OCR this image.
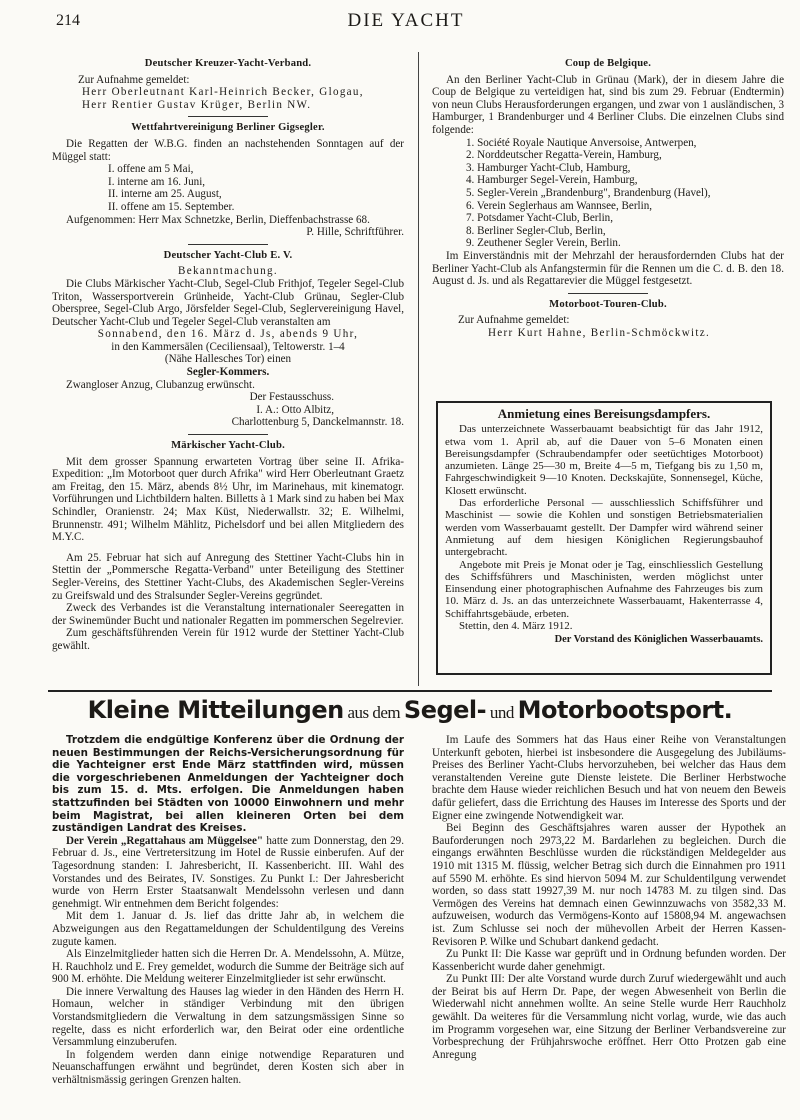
214	DIE YACHT
Deutscher Kreuzer-Yacht-Verband.

Zur Aufnahme gemeldet:

Herr Oberleutnant Karl-Heinrich Becker, Glogau,

Herr Rentier Gustav Krüger, Berlin NW.

Wettfahrtvereinigung Berliner Gigsegler.

Die Regatten der W.B.G. finden an nachstehenden Sonntagen auf der Müggel statt:

I. offene am 5 Mai,

I. interne am 16. Juni,

II. interne am 25. August,

II. offene am 15. September.

Aufgenommen: Herr Max Schnetzke, Berlin, Dieffenbachstrasse 68.

P. Hille, Schriftführer.

Deutscher Yacht-Club E. V.

Bekanntmachung.

Die Clubs Märkischer Yacht-Club, Segel-Club Frithjof, Tegeler Segel-Club Triton, Wassersportverein Grünheide, Yacht-Club Grünau, Segler-Club Oberspree, Segel-Club Argo, Jörsfelder Segel-Club, Seglervereinigung Havel, Deutscher Yacht-Club und Tegeler Segel-Club veranstalten am

Sonnabend, den 16. März d. Js, abends 9 Uhr,

in den Kammersälen (Ceciliensaal), Teltowerstr. 1–4

(Nähe Hallesches Tor) einen

Segler-Kommers.

Zwangloser Anzug, Clubanzug erwünscht.

Der Festausschuss.

I. A.: Otto Albitz,

Charlottenburg 5, Danckelmannstr. 18.

Märkischer Yacht-Club.

Mit dem grosser Spannung erwarteten Vortrag über seine II. Afrika-Expedition: „Im Motorboot quer durch Afrika" wird Herr Oberleutnant Graetz am Freitag, den 15. März, abends 8½ Uhr, im Marinehaus, mit kinematogr. Vorführungen und Lichtbildern halten. Billetts à 1 Mark sind zu haben bei Max Schindler, Oranienstr. 24; Max Küst, Niederwallstr. 32; E. Wilhelmi, Brunnenstr. 491; Wilhelm Mählitz, Pichelsdorf und bei allen Mitgliedern des M.Y.C.

Am 25. Februar hat sich auf Anregung des Stettiner Yacht-Clubs hin in Stettin der „Pommersche Regatta-Verband" unter Beteiligung des Stettiner Segler-Vereins, des Stettiner Yacht-Clubs, des Akademischen Segler-Vereins zu Greifswald und des Stralsunder Segler-Vereins gegründet.

Zweck des Verbandes ist die Veranstaltung internationaler Seeregatten in der Swinemünder Bucht und nationaler Regatten im pommerschen Segelrevier.

Zum geschäftsführenden Verein für 1912 wurde der Stettiner Yacht-Club gewählt.

Coup de Belgique.

An den Berliner Yacht-Club in Grünau (Mark), der in diesem Jahre die Coup de Belgique zu verteidigen hat, sind bis zum 29. Februar (Endtermin) von neun Clubs Herausforderungen ergangen, und zwar von 1 ausländischen, 3 Hamburger, 1 Brandenburger und 4 Berliner Clubs. Die einzelnen Clubs sind folgende:

1. Société Royale Nautique Anversoise, Antwerpen,
2. Norddeutscher Regatta-Verein, Hamburg,
3. Hamburger Yacht-Club, Hamburg,
4. Hamburger Segel-Verein, Hamburg,
5. Segler-Verein „Brandenburg", Brandenburg (Havel),
6. Verein Seglerhaus am Wannsee, Berlin,
7. Potsdamer Yacht-Club, Berlin,
8. Berliner Segler-Club, Berlin,
9. Zeuthener Segler Verein, Berlin.

Im Einverständnis mit der Mehrzahl der herausfordernden Clubs hat der Berliner Yacht-Club als Anfangstermin für die Rennen um die C. d. B. den 18. August d. Js. und als Regattarevier die Müggel festgesetzt.

Motorboot-Touren-Club.

Zur Aufnahme gemeldet:

Herr Kurt Hahne, Berlin-Schmöckwitz.

Anmietung eines Bereisungsdampfers.

Das unterzeichnete Wasserbauamt beabsichtigt für das Jahr 1912, etwa vom 1. April ab, auf die Dauer von 5–6 Monaten einen Bereisungsdampfer (Schraubendampfer oder seetüchtiges Motorboot) anzumieten. Länge 25—30 m, Breite 4—5 m, Tiefgang bis zu 1,50 m, Fahrgeschwindigkeit 9—10 Knoten. Deckskajüte, Sonnensegel, Küche, Klosett erwünscht.

Das erforderliche Personal — ausschliesslich Schiffsführer und Maschinist — sowie die Kohlen und sonstigen Betriebsmaterialien werden vom Wasserbauamt gestellt. Der Dampfer wird während seiner Anmietung auf dem hiesigen Königlichen Regierungsbauhof untergebracht.

Angebote mit Preis je Monat oder je Tag, einschliesslich Gestellung des Schiffsführers und Maschinisten, werden möglichst unter Einsendung einer photographischen Aufnahme des Fahrzeuges bis zum 10. März d. Js. an das unterzeichnete Wasserbauamt, Hakenterrasse 4, Schiffahrtsgebäude, erbeten.

Stettin, den 4. März 1912.

Der Vorstand des Königlichen Wasserbauamts.
Kleine Mitteilungen aus dem Segel- und Motorbootsport.

Trotzdem die endgültige Konferenz über die Ordnung der neuen Bestimmungen der Reichs-Versicherungsordnung für die Yachteigner erst Ende März stattfinden wird, müssen die vorgeschriebenen Anmeldungen der Yachteigner doch bis zum 15. d. Mts. erfolgen. Die Anmeldungen haben stattzufinden bei Städten von 10000 Einwohnern und mehr beim Magistrat, bei allen kleineren Orten bei dem zuständigen Landrat des Kreises.

Der Verein „Regattahaus am Müggelsee" hatte zum Donnerstag, den 29. Februar d. Js., eine Vertretersitzung im Hotel de Russie einberufen. Auf der Tagesordnung standen: I. Jahresbericht, II. Kassenbericht. III. Wahl des Vorstandes und des Beirates, IV. Sonstiges. Zu Punkt I.: Der Jahresbericht wurde von Herrn Erster Staatsanwalt Mendelssohn verlesen und dann genehmigt. Wir entnehmen dem Bericht folgendes:

Mit dem 1. Januar d. Js. lief das dritte Jahr ab, in welchem die Abzweigungen aus den Regattameldungen der Schuldentilgung des Vereins zugute kamen.

Als Einzelmitglieder hatten sich die Herren Dr. A. Mendelssohn, A. Mütze, H. Rauchholz und E. Frey gemeldet, wodurch die Summe der Beiträge sich auf 900 M. erhöhte. Die Meldung weiterer Einzelmitglieder ist sehr erwünscht.

Die innere Verwaltung des Hauses lag wieder in den Händen des Herrn H. Homaun, welcher in ständiger Verbindung mit den übrigen Vorstandsmitgliedern die Verwaltung in dem satzungsmässigen Sinne so regelte, dass es nicht erforderlich war, den Beirat oder eine ordentliche Versammlung einzuberufen.

In folgendem werden dann einige notwendige Reparaturen und Neuanschaffungen erwähnt und begründet, deren Kosten sich aber in verhältnismässig geringen Grenzen halten.

Im Laufe des Sommers hat das Haus einer Reihe von Veranstaltungen Unterkunft geboten, hierbei ist insbesondere die Ausgegelung des Jubiläums-Preises des Berliner Yacht-Clubs hervorzuheben, bei welcher das Haus dem veranstaltenden Vereine gute Dienste leistete. Die Berliner Herbstwoche brachte dem Hause wieder reichlichen Besuch und hat von neuem den Beweis dafür geliefert, dass die Errichtung des Hauses im Interesse des Sports und der Eigner eine zwingende Notwendigkeit war.

Bei Beginn des Geschäftsjahres waren ausser der Hypothek an Bauforderungen noch 2973,22 M. Bardarlehen zu begleichen. Durch die eingangs erwähnten Beschlüsse wurden die rückständigen Meldegelder aus 1910 mit 1315 M. flüssig, welcher Betrag sich durch die Einnahmen pro 1911 auf 5590 M. erhöhte. Es sind hiervon 5094 M. zur Schuldentilgung verwendet worden, so dass statt 19927,39 M. nur noch 14783 M. zu tilgen sind. Das Vermögen des Vereins hat demnach einen Gewinnzuwachs von 3582,33 M. aufzuweisen, wodurch das Vermögens-Konto auf 15808,94 M. angewachsen ist. Zum Schlusse sei noch der mühevollen Arbeit der Herren Kassen-Revisoren P. Wilke und Schubart dankend gedacht.

Zu Punkt II: Die Kasse war geprüft und in Ordnung befunden worden. Der Kassenbericht wurde daher genehmigt.

Zu Punkt III: Der alte Vorstand wurde durch Zuruf wiedergewählt und auch der Beirat bis auf Herrn Dr. Pape, der wegen Abwesenheit von Berlin die Wiederwahl nicht annehmen wollte. An seine Stelle wurde Herr Rauchholz gewählt. Da weiteres für die Versammlung nicht vorlag, wurde, wie das auch im Programm vorgesehen war, eine Sitzung der Berliner Verbandsvereine zur Vorbesprechung der Frühjahrswoche eröffnet. Herr Otto Protzen gab eine Anregung
